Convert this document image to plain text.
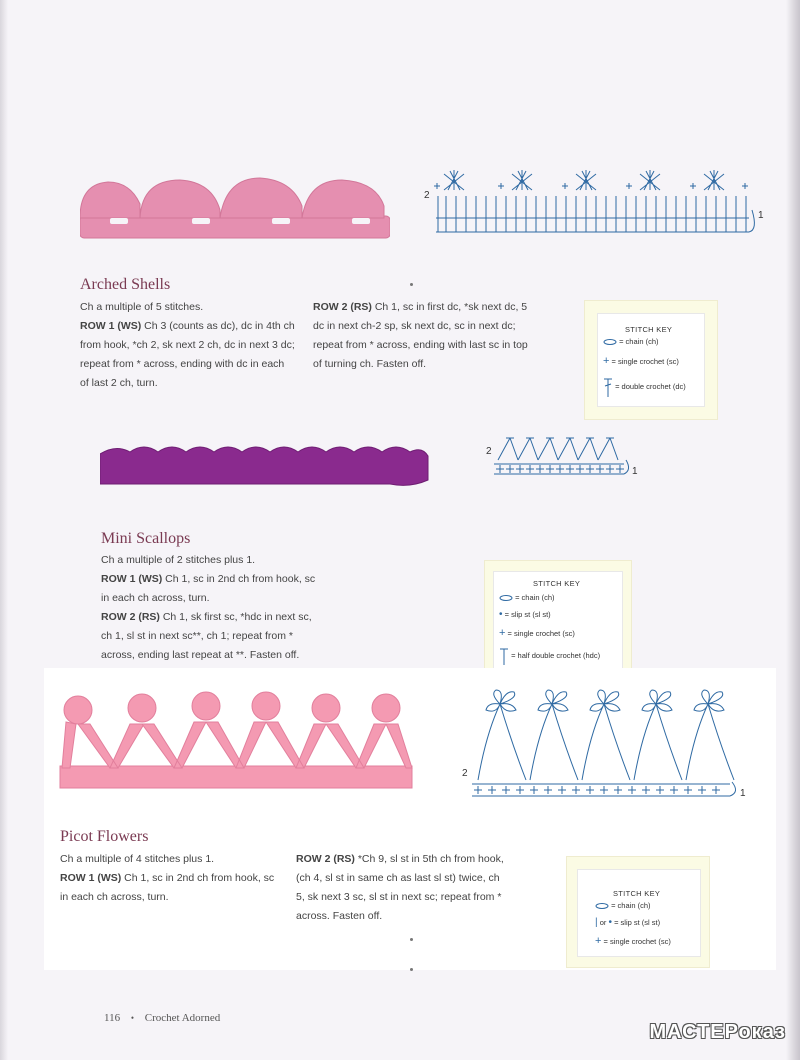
2
1
Arched Shells

Ch a multiple of 5 stitches.

ROW 1 (WS) Ch 3 (counts as dc), dc in 4th ch from hook, *ch 2, sk next 2 ch, dc in next 3 dc; repeat from * across, ending with dc in each of last 2 ch, turn.

ROW 2 (RS) Ch 1, sc in first dc, *sk next dc, 5 dc in next ch-2 sp, sk next dc, sc in next dc; repeat from * across, ending with last sc in top of turning ch. Fasten off.

STITCH KEY
= chain (ch)
+ = single crochet (sc)
= double crochet (dc)
2
1
Mini Scallops

Ch a multiple of 2 stitches plus 1.

ROW 1 (WS) Ch 1, sc in 2nd ch from hook, sc in each ch across, turn.

ROW 2 (RS) Ch 1, sk first sc, *hdc in next sc, ch 1, sl st in next sc**, ch 1; repeat from * across, ending last repeat at **. Fasten off.

STITCH KEY
= chain (ch)
• = slip st (sl st)
+ = single crochet (sc)
= half double crochet (hdc)
2
1
Picot Flowers

Ch a multiple of 4 stitches plus 1.

ROW 1 (WS) Ch 1, sc in 2nd ch from hook, sc in each ch across, turn.

ROW 2 (RS) *Ch 9, sl st in 5th ch from hook, (ch 4, sl st in same ch as last sl st) twice, ch 5, sk next 3 sc, sl st in next sc; repeat from * across. Fasten off.

STITCH KEY
= chain (ch)
| or • = slip st (sl st)
+ = single crochet (sc)
116 • Crochet Adorned
МАСТЕРоказ
